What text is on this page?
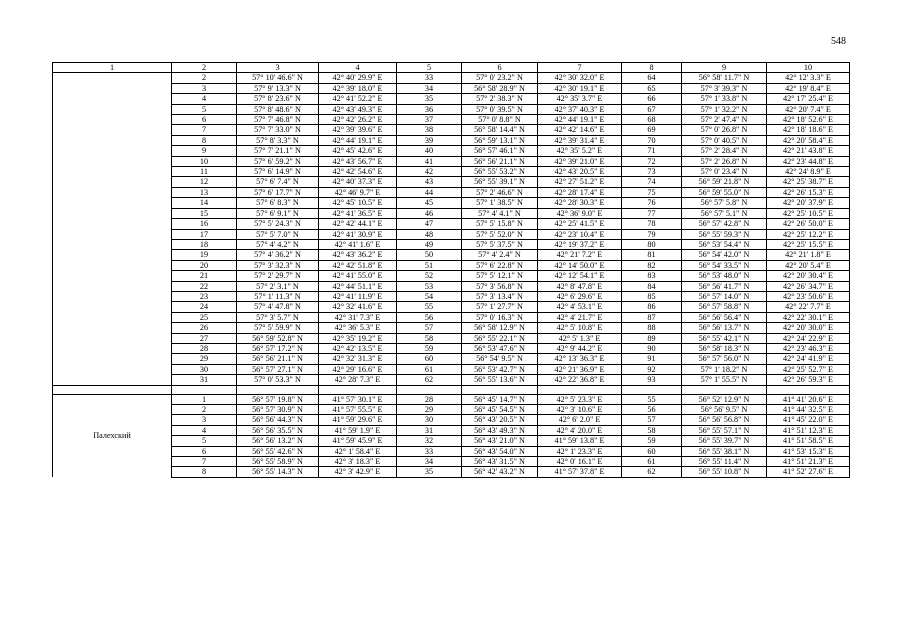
548
1	2	3	4	5	6	7	8	9	10
	2	57° 10' 46.6" N	42° 40' 29.9" E	33	57° 0' 23.2" N	42° 30' 32.0" E	64	56° 58' 11.7" N	42° 12' 3.3" E
	3	57° 9' 13.3" N	42° 39' 18.0" E	34	56° 58' 28.9" N	42° 30' 19.1" E	65	57° 3' 39.3" N	42° 19' 8.4" E
	4	57° 8' 23.6" N	42° 41' 52.2" E	35	57° 2' 38.3" N	42° 35' 3.7" E	66	57° 1' 33.8" N	42° 17' 25.4" E
	5	57° 8' 48.6" N	42° 43' 49.3" E	36	57° 0' 39.5" N	42° 37' 40.3" E	67	57° 1' 32.2" N	42° 20' 7.4" E
	6	57° 7' 46.8" N	42° 42' 26.2" E	37	57° 0' 8.8" N	42° 44' 19.1" E	68	57° 2' 47.4" N	42° 18' 52.6" E
	7	57° 7' 33.0" N	42° 39' 39.6" E	38	56° 58' 14.4" N	42° 42' 14.6" E	69	57° 0' 26.8" N	42° 18' 18.6" E
	8	57° 8' 3.3" N	42° 44' 19.1" E	39	56° 59' 13.1" N	42° 39' 31.4" E	70	57° 0' 40.5" N	42° 20' 58.4" E
	9	57° 7' 21.1" N	42° 45' 42.6" E	40	56° 57' 46.1" N	42° 35' 5.2" E	71	57° 2' 28.4" N	42° 21' 43.8" E
	10	57° 6' 59.2" N	42° 43' 56.7" E	41	56° 56' 21.1" N	42° 39' 21.0" E	72	57° 2' 26.8" N	42° 23' 44.8" E
	11	57° 6' 14.9" N	42° 42' 54.6" E	42	56° 55' 53.2" N	42° 43' 20.5" E	73	57° 0' 23.4" N	42° 24' 8.9" E
	12	57° 6' 7.4" N	42° 40' 37.3" E	43	56° 55' 39.1" N	42° 27' 51.2" E	74	56° 59' 21.8" N	42° 25' 38.7" E
	13	57° 6' 17.7" N	42° 46' 9.7" E	44	57° 2' 46.6" N	42° 28' 17.4" E	75	56° 59' 55.0" N	42° 26' 15.3" E
	14	57° 6' 8.3" N	42° 45' 10.5" E	45	57° 1' 38.5" N	42° 28' 30.3" E	76	56° 57' 5.8" N	42° 20' 37.9" E
	15	57° 6' 9.1" N	42° 41' 36.5" E	46	57° 4' 4.1" N	42° 36' 9.0" E	77	56° 57' 5.1" N	42° 25' 10.5" E
	16	57° 5' 24.3" N	42° 42' 44.1" E	47	57° 5' 15.8" N	42° 25' 41.5" E	78	56° 57' 42.8" N	42° 26' 50.0" E
	17	57° 5' 7.0" N	42° 41' 30.9" E	48	57° 5' 52.0" N	42° 23' 10.4" E	79	56° 55' 59.3" N	42° 25' 12.2" E
	18	57° 4' 4.2" N	42° 41' 1.6" E	49	57° 5' 37.5" N	42° 19' 37.2" E	80	56° 53' 54.4" N	42° 25' 15.5" E
	19	57° 4' 36.2" N	42° 43' 36.2" E	50	57° 4' 2.4" N	42° 21' 7.2" E	81	56° 54' 42.0" N	42° 21' 1.8" E
	20	57° 3' 32.3" N	42° 42' 51.8" E	51	57° 6' 22.8" N	42° 14' 50.0" E	82	56° 54' 33.5" N	42° 20' 5.4" E
	21	57° 2' 29.7" N	42° 41' 55.0" E	52	57° 5' 12.1" N	42° 12' 54.1" E	83	56° 53' 48.0" N	42° 20' 30.4" E
	22	57° 2' 3.1" N	42° 44' 51.1" E	53	57° 3' 56.8" N	42° 8' 47.8" E	84	56° 56' 41.7" N	42° 26' 34.7" E
	23	57° 1' 11.3" N	42° 41' 11.9" E	54	57° 3' 13.4" N	42° 6' 29.6" E	85	56° 57' 14.0" N	42° 23' 50.6" E
	24	57° 4' 47.8" N	42° 32' 41.6" E	55	57° 1' 27.7" N	42° 4' 53.1" E	86	56° 57' 58.8" N	42° 22' 7.7" E
	25	57° 3' 5.7" N	42° 31' 7.3" E	56	57° 0' 16.3" N	42° 4' 21.7" E	87	56° 56' 56.4" N	42° 22' 30.1" E
	26	57° 5' 59.9" N	42° 36' 5.3" E	57	56° 58' 12.9" N	42° 5' 10.8" E	88	56° 56' 13.7" N	42° 20' 30.0" E
	27	56° 59' 52.8" N	42° 35' 19.2" E	58	56° 55' 22.1" N	42° 5' 1.3" E	89	56° 55' 42.1" N	42° 24' 22.9" E
	28	56° 57' 17.2" N	42° 42' 13.5" E	59	56° 53' 47.6" N	42° 9' 44.2" E	90	56° 58' 18.3" N	42° 23' 46.3" E
	29	56° 56' 21.1" N	42° 32' 31.3" E	60	56° 54' 9.5" N	42° 13' 36.3" E	91	56° 57' 56.0" N	42° 24' 41.9" E
	30	56° 57' 27.1" N	42° 29' 16.6" E	61	56° 53' 42.7" N	42° 21' 36.9" E	92	57° 1' 18.2" N	42° 25' 52.7" E
	31	57° 0' 53.3" N	42° 28' 7.3" E	62	56° 55' 13.6" N	42° 22' 36.8" E	93	57° 1' 55.5" N	42° 26' 59.3" E

Палехский	1	56° 57' 19.8" N	41° 57' 30.1" E	28	56° 45' 14.7" N	42° 5' 23.3" E	55	56° 52' 12.9" N	41° 41' 20.6" E
	2	56° 57' 30.9" N	41° 57' 55.5" E	29	56° 45' 54.5" N	42° 3' 10.6" E	56	56° 56' 9.5" N	41° 44' 32.5" E
	3	56° 56' 44.3" N	41° 59' 29.6" E	30	56° 43' 20.5" N	42° 6' 2.0" E	57	56° 56' 56.8" N	41° 45' 22.0" E
	4	56° 56' 35.5" N	41° 59' 1.9" E	31	56° 43' 49.3" N	42° 4' 20.0" E	58	56° 55' 57.1" N	41° 51' 12.3" E
	5	56° 56' 13.2" N	41° 59' 45.9" E	32	56° 43' 21.0" N	41° 59' 13.8" E	59	56° 55' 39.7" N	41° 51' 58.5" E
	6	56° 55' 42.6" N	42° 1' 58.4" E	33	56° 43' 54.0" N	42° 1' 23.3" E	60	56° 55' 38.1" N	41° 53' 15.3" E
	7	56° 55' 58.9" N	42° 3' 18.3" E	34	56° 43' 31.5" N	42° 0' 16.1" E	61	56° 55' 11.4" N	41° 51' 21.3" E
	8	56° 55' 14.3" N	42° 3' 42.9" E	35	56° 42' 43.2" N	41° 57' 37.8" E	62	56° 55' 10.8" N	41° 52' 27.6" E
